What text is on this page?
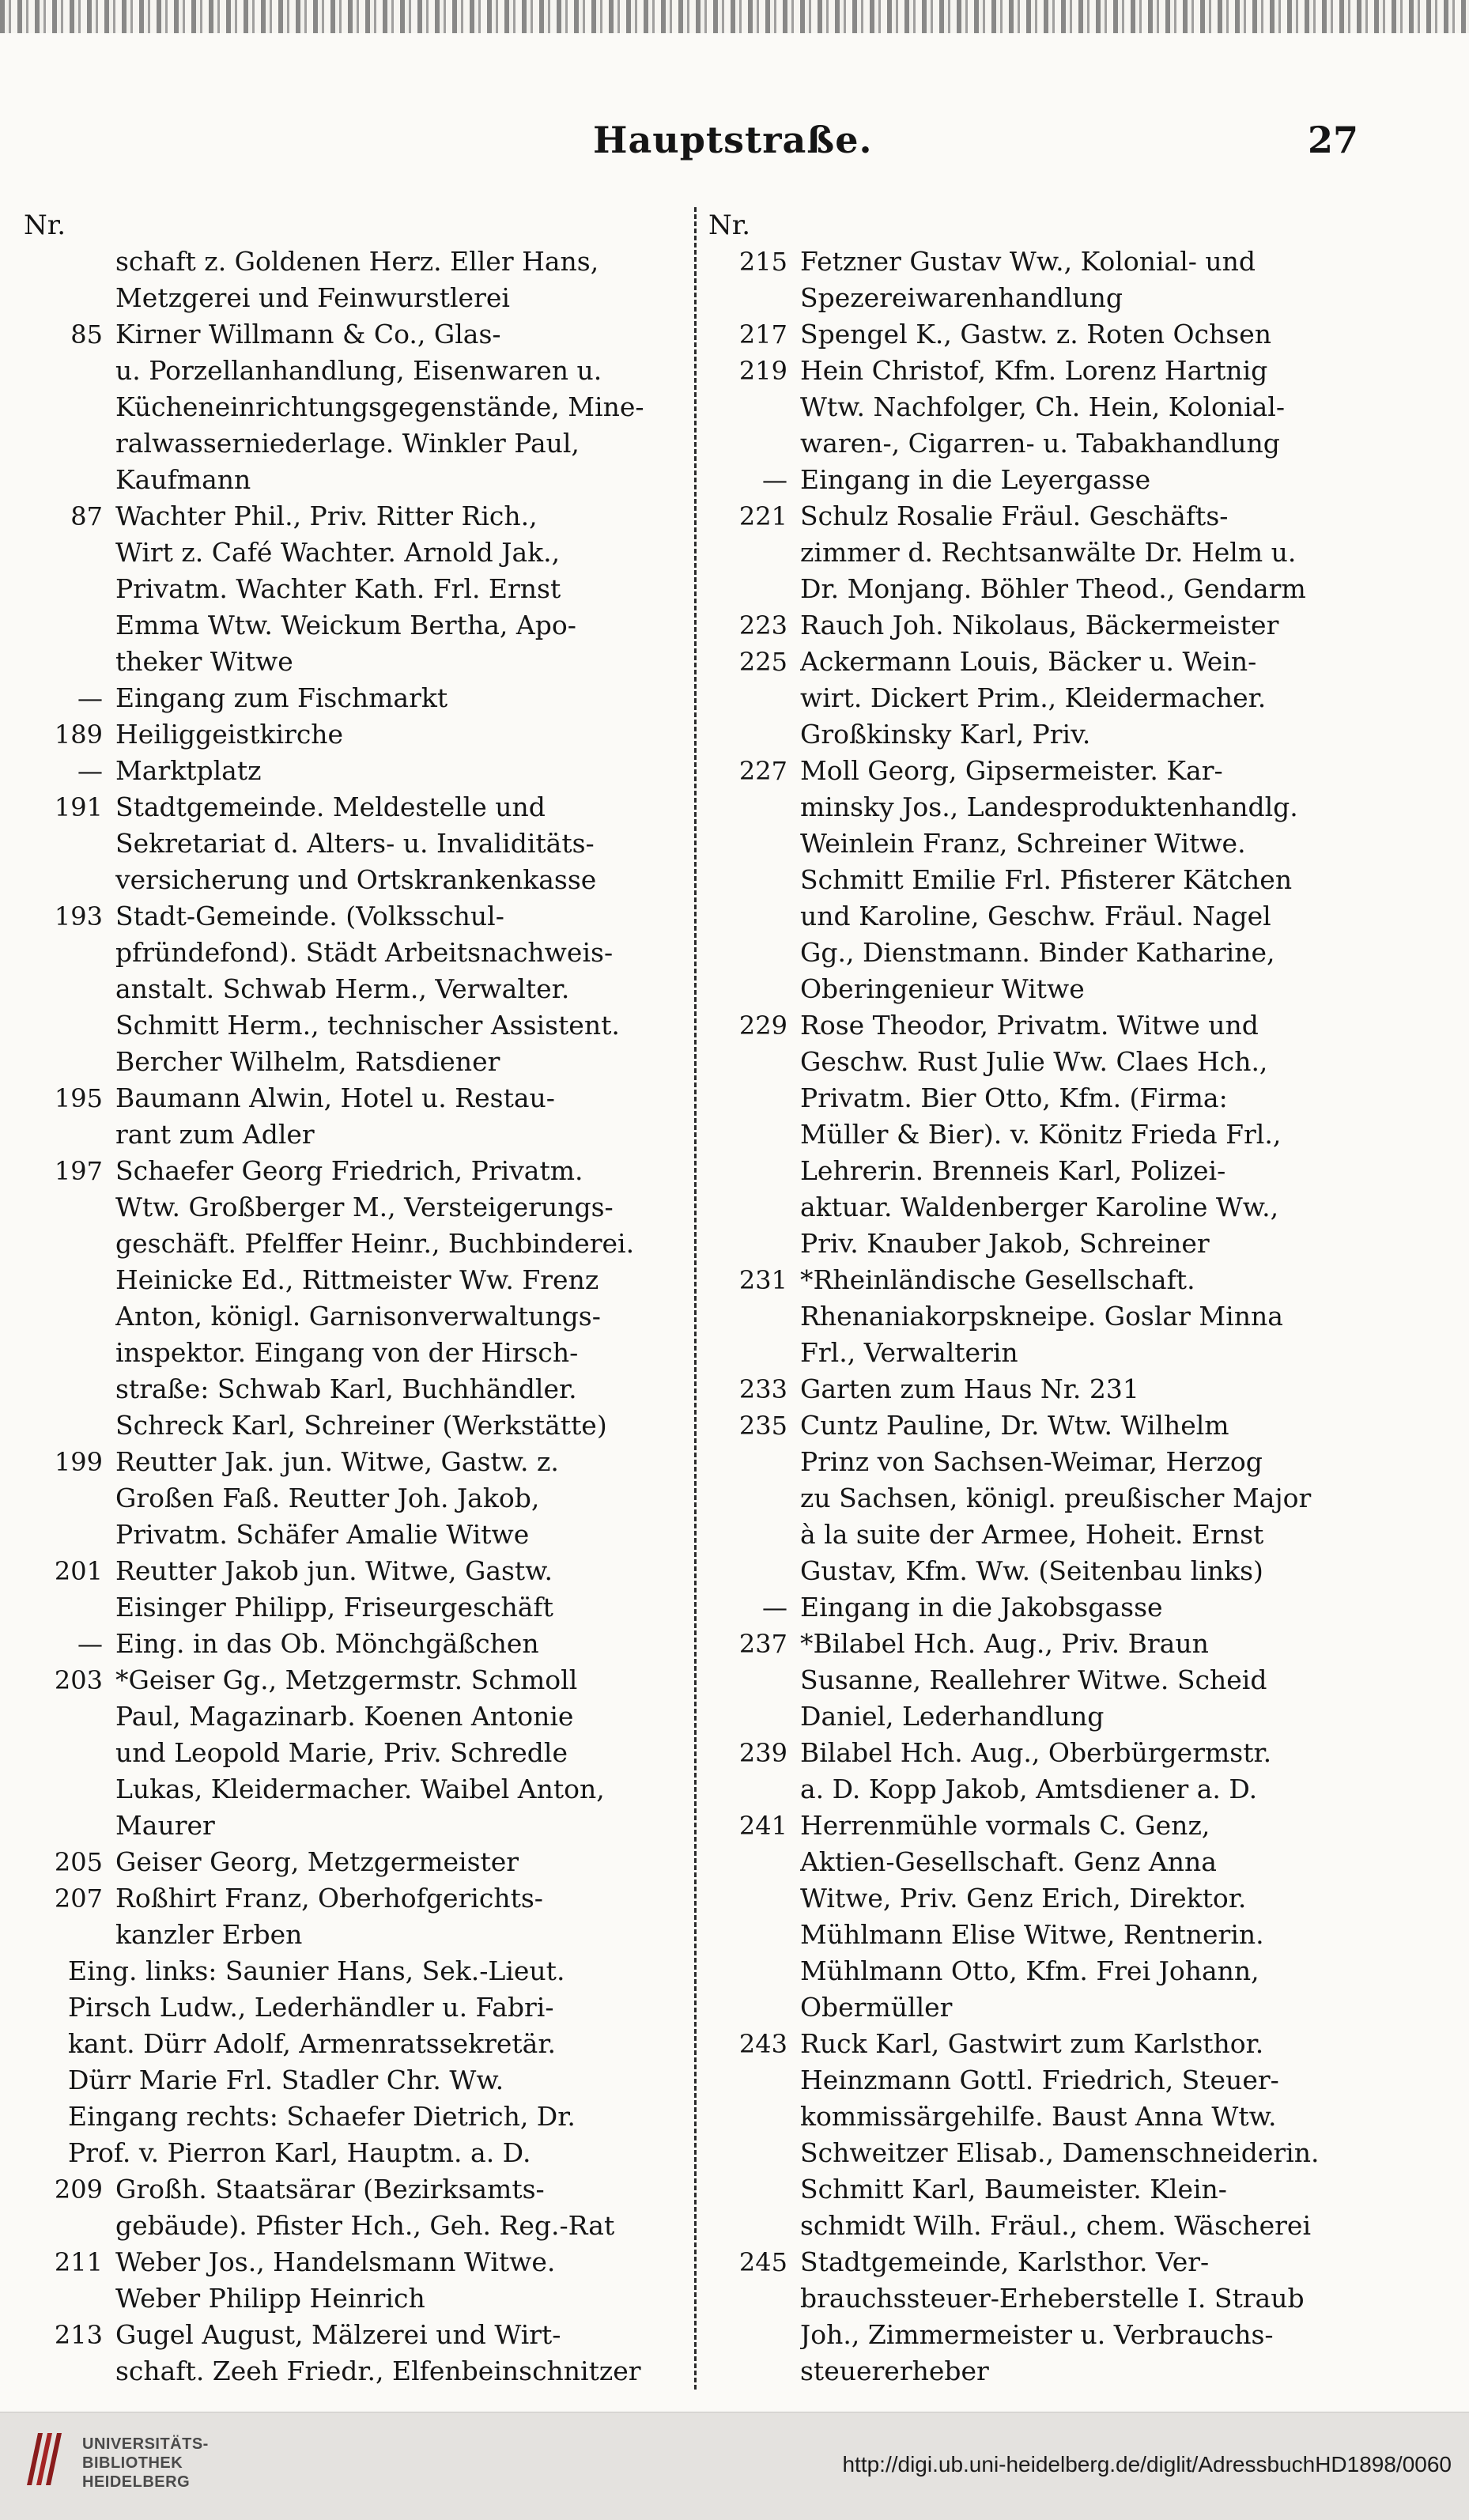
Hauptstraße.	27
Nr.
schaft z. Goldenen Herz. Eller Hans,
Metzgerei und Feinwurstlerei
85 Kirner Willmann & Co., Glas-
u. Porzellanhandlung, Eisenwaren u.
Kücheneinrichtungsgegenstände, Mine-
ralwasserniederlage. Winkler Paul,
Kaufmann
87 Wachter Phil., Priv. Ritter Rich.,
Wirt z. Café Wachter. Arnold Jak.,
Privatm. Wachter Kath. Frl. Ernst
Emma Wtw. Weickum Bertha, Apo-
theker Witwe
— Eingang zum Fischmarkt
189 Heiliggeistkirche
— Marktplatz
191 Stadtgemeinde. Meldestelle und
Sekretariat d. Alters- u. Invaliditäts-
versicherung und Ortskrankenkasse
193 Stadt-Gemeinde. (Volksschul-
pfründefond). Städt Arbeitsnachweis-
anstalt. Schwab Herm., Verwalter.
Schmitt Herm., technischer Assistent.
Bercher Wilhelm, Ratsdiener
195 Baumann Alwin, Hotel u. Restau-
rant zum Adler
197 Schaefer Georg Friedrich, Privatm.
Wtw. Großberger M., Versteigerungs-
geschäft. Pfelffer Heinr., Buchbinderei.
Heinicke Ed., Rittmeister Ww. Frenz
Anton, königl. Garnisonverwaltungs-
inspektor. Eingang von der Hirsch-
straße: Schwab Karl, Buchhändler.
Schreck Karl, Schreiner (Werkstätte)
199 Reutter Jak. jun. Witwe, Gastw. z.
Großen Faß. Reutter Joh. Jakob,
Privatm. Schäfer Amalie Witwe
201 Reutter Jakob jun. Witwe, Gastw.
Eisinger Philipp, Friseurgeschäft
— Eing. in das Ob. Mönchgäßchen
203 *Geiser Gg., Metzgermstr. Schmoll
Paul, Magazinarb. Koenen Antonie
und Leopold Marie, Priv. Schredle
Lukas, Kleidermacher. Waibel Anton,
Maurer
205 Geiser Georg, Metzgermeister
207 Roßhirt Franz, Oberhofgerichts-
kanzler Erben
Eing. links: Saunier Hans, Sek.-Lieut.
Pirsch Ludw., Lederhändler u. Fabri-
kant. Dürr Adolf, Armenratssekretär.
Dürr Marie Frl. Stadler Chr. Ww.
Eingang rechts: Schaefer Dietrich, Dr.
Prof. v. Pierron Karl, Hauptm. a. D.
209 Großh. Staatsärar (Bezirksamts-
gebäude). Pfister Hch., Geh. Reg.-Rat
211 Weber Jos., Handelsmann Witwe.
Weber Philipp Heinrich
213 Gugel August, Mälzerei und Wirt-
schaft. Zeeh Friedr., Elfenbeinschnitzer
Nr.
215 Fetzner Gustav Ww., Kolonial- und
Spezereiwarenhandlung
217 Spengel K., Gastw. z. Roten Ochsen
219 Hein Christof, Kfm. Lorenz Hartnig
Wtw. Nachfolger, Ch. Hein, Kolonial-
waren-, Cigarren- u. Tabakhandlung
— Eingang in die Leyergasse
221 Schulz Rosalie Fräul. Geschäfts-
zimmer d. Rechtsanwälte Dr. Helm u.
Dr. Monjang. Böhler Theod., Gendarm
223 Rauch Joh. Nikolaus, Bäckermeister
225 Ackermann Louis, Bäcker u. Wein-
wirt. Dickert Prim., Kleidermacher.
Großkinsky Karl, Priv.
227 Moll Georg, Gipsermeister. Kar-
minsky Jos., Landesproduktenhandlg.
Weinlein Franz, Schreiner Witwe.
Schmitt Emilie Frl. Pfisterer Kätchen
und Karoline, Geschw. Fräul. Nagel
Gg., Dienstmann. Binder Katharine,
Oberingenieur Witwe
229 Rose Theodor, Privatm. Witwe und
Geschw. Rust Julie Ww. Claes Hch.,
Privatm. Bier Otto, Kfm. (Firma:
Müller & Bier). v. Könitz Frieda Frl.,
Lehrerin. Brenneis Karl, Polizei-
aktuar. Waldenberger Karoline Ww.,
Priv. Knauber Jakob, Schreiner
231 *Rheinländische Gesellschaft.
Rhenaniakorpskneipe. Goslar Minna
Frl., Verwalterin
233 Garten zum Haus Nr. 231
235 Cuntz Pauline, Dr. Wtw. Wilhelm
Prinz von Sachsen-Weimar, Herzog
zu Sachsen, königl. preußischer Major
à la suite der Armee, Hoheit. Ernst
Gustav, Kfm. Ww. (Seitenbau links)
— Eingang in die Jakobsgasse
237 *Bilabel Hch. Aug., Priv. Braun
Susanne, Reallehrer Witwe. Scheid
Daniel, Lederhandlung
239 Bilabel Hch. Aug., Oberbürgermstr.
a. D. Kopp Jakob, Amtsdiener a. D.
241 Herrenmühle vormals C. Genz,
Aktien-Gesellschaft. Genz Anna
Witwe, Priv. Genz Erich, Direktor.
Mühlmann Elise Witwe, Rentnerin.
Mühlmann Otto, Kfm. Frei Johann,
Obermüller
243 Ruck Karl, Gastwirt zum Karlsthor.
Heinzmann Gottl. Friedrich, Steuer-
kommissärgehilfe. Baust Anna Wtw.
Schweitzer Elisab., Damenschneiderin.
Schmitt Karl, Baumeister. Klein-
schmidt Wilh. Fräul., chem. Wäscherei
245 Stadtgemeinde, Karlsthor. Ver-
brauchssteuer-Erheberstelle I. Straub
Joh., Zimmermeister u. Verbrauchs-
steuererheber
UNIVERSITÄTS-
BIBLIOTHEK
HEIDELBERG
http://digi.ub.uni-heidelberg.de/diglit/AdressbuchHD1898/0060
